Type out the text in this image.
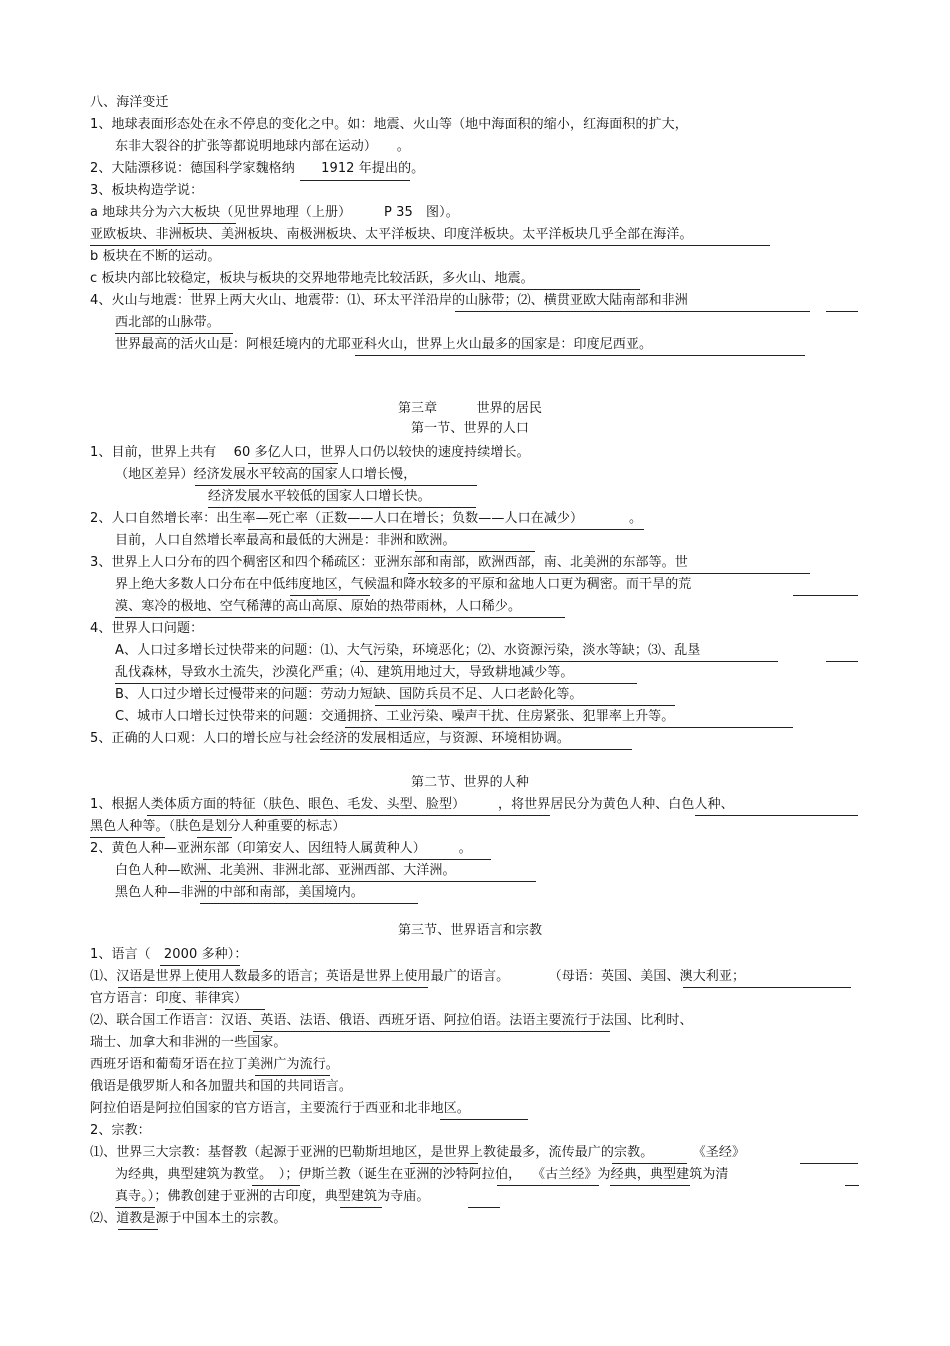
八、海洋变迁
1、地球表面形态处在永不停息的变化之中。如：地震、火山等（地中海面积的缩小，红海面积的扩大，
东非大裂谷的扩张等都说明地球内部在运动）　　。
2、大陆漂移说：德国科学家魏格纳　　1912 年提出的。
3、板块构造学说：
a 地球共分为六大板块（见世界地理（上册）　　　P 35　图）。
亚欧板块、非洲板块、美洲板块、南极洲板块、太平洋板块、印度洋板块。太平洋板块几乎全部在海洋。
b 板块在不断的运动。
c 板块内部比较稳定，板块与板块的交界地带地壳比较活跃，多火山、地震。
4、火山与地震：世界上两大火山、地震带：⑴、环太平洋沿岸的山脉带；⑵、横贯亚欧大陆南部和非洲
西北部的山脉带。
世界最高的活火山是：阿根廷境内的尤耶亚科火山，世界上火山最多的国家是：印度尼西亚。
第三章　　　世界的居民
第一节、世界的人口
1、目前，世界上共有　 60 多亿人口，世界人口仍以较快的速度持续增长。
（地区差异）经济发展水平较高的国家人口增长慢，
经济发展水平较低的国家人口增长快。
2、人口自然增长率：出生率—死亡率（正数——人口在增长；负数——人口在减少）　　　　。
目前，人口自然增长率最高和最低的大洲是：非洲和欧洲。
3、世界上人口分布的四个稠密区和四个稀疏区：亚洲东部和南部，欧洲西部，南、北美洲的东部等。世
界上绝大多数人口分布在中低纬度地区，气候温和降水较多的平原和盆地人口更为稠密。而干旱的荒
漠、寒冷的极地、空气稀薄的高山高原、原始的热带雨林，人口稀少。
4、世界人口问题：
A、人口过多增长过快带来的问题：⑴、大气污染，环境恶化；⑵、水资源污染，淡水等缺；⑶、乱垦
乱伐森林，导致水土流失，沙漠化严重；⑷、建筑用地过大，导致耕地减少等。
B、人口过少增长过慢带来的问题：劳动力短缺、国防兵员不足、人口老龄化等。
C、城市人口增长过快带来的问题：交通拥挤、工业污染、噪声干扰、住房紧张、犯罪率上升等。
5、正确的人口观：人口的增长应与社会经济的发展相适应，与资源、环境相协调。
第二节、世界的人种
1、根据人类体质方面的特征（肤色、眼色、毛发、头型、脸型）　　　，将世界居民分为黄色人种、白色人种、
黑色人种等。（肤色是划分人种重要的标志）
2、黄色人种—亚洲东部（印第安人、因纽特人属黄种人）　　　。
白色人种—欧洲、北美洲、非洲北部、亚洲西部、大洋洲。
黑色人种—非洲的中部和南部，美国境内。
第三节、世界语言和宗教
1、语言（　2000 多种）：
⑴、汉语是世界上使用人数最多的语言；英语是世界上使用最广的语言。　　　　（母语：英国、美国、澳大利亚；
官方语言：印度、菲律宾）
⑵、联合国工作语言：汉语、英语、法语、俄语、西班牙语、阿拉伯语。法语主要流行于法国、比利时、
瑞士、加拿大和非洲的一些国家。
西班牙语和葡萄牙语在拉丁美洲广为流行。
俄语是俄罗斯人和各加盟共和国的共同语言。
阿拉伯语是阿拉伯国家的官方语言，主要流行于西亚和北非地区。
2、宗教：
⑴、世界三大宗教：基督教（起源于亚洲的巴勒斯坦地区，是世界上教徒最多，流传最广的宗教。　　　　《圣经》
为经典，典型建筑为教堂。　）；伊斯兰教（诞生在亚洲的沙特阿拉伯，　 《古兰经》为经典，典型建筑为清
真寺。）；佛教创建于亚洲的古印度，典型建筑为寺庙。
⑵、道教是源于中国本土的宗教。
